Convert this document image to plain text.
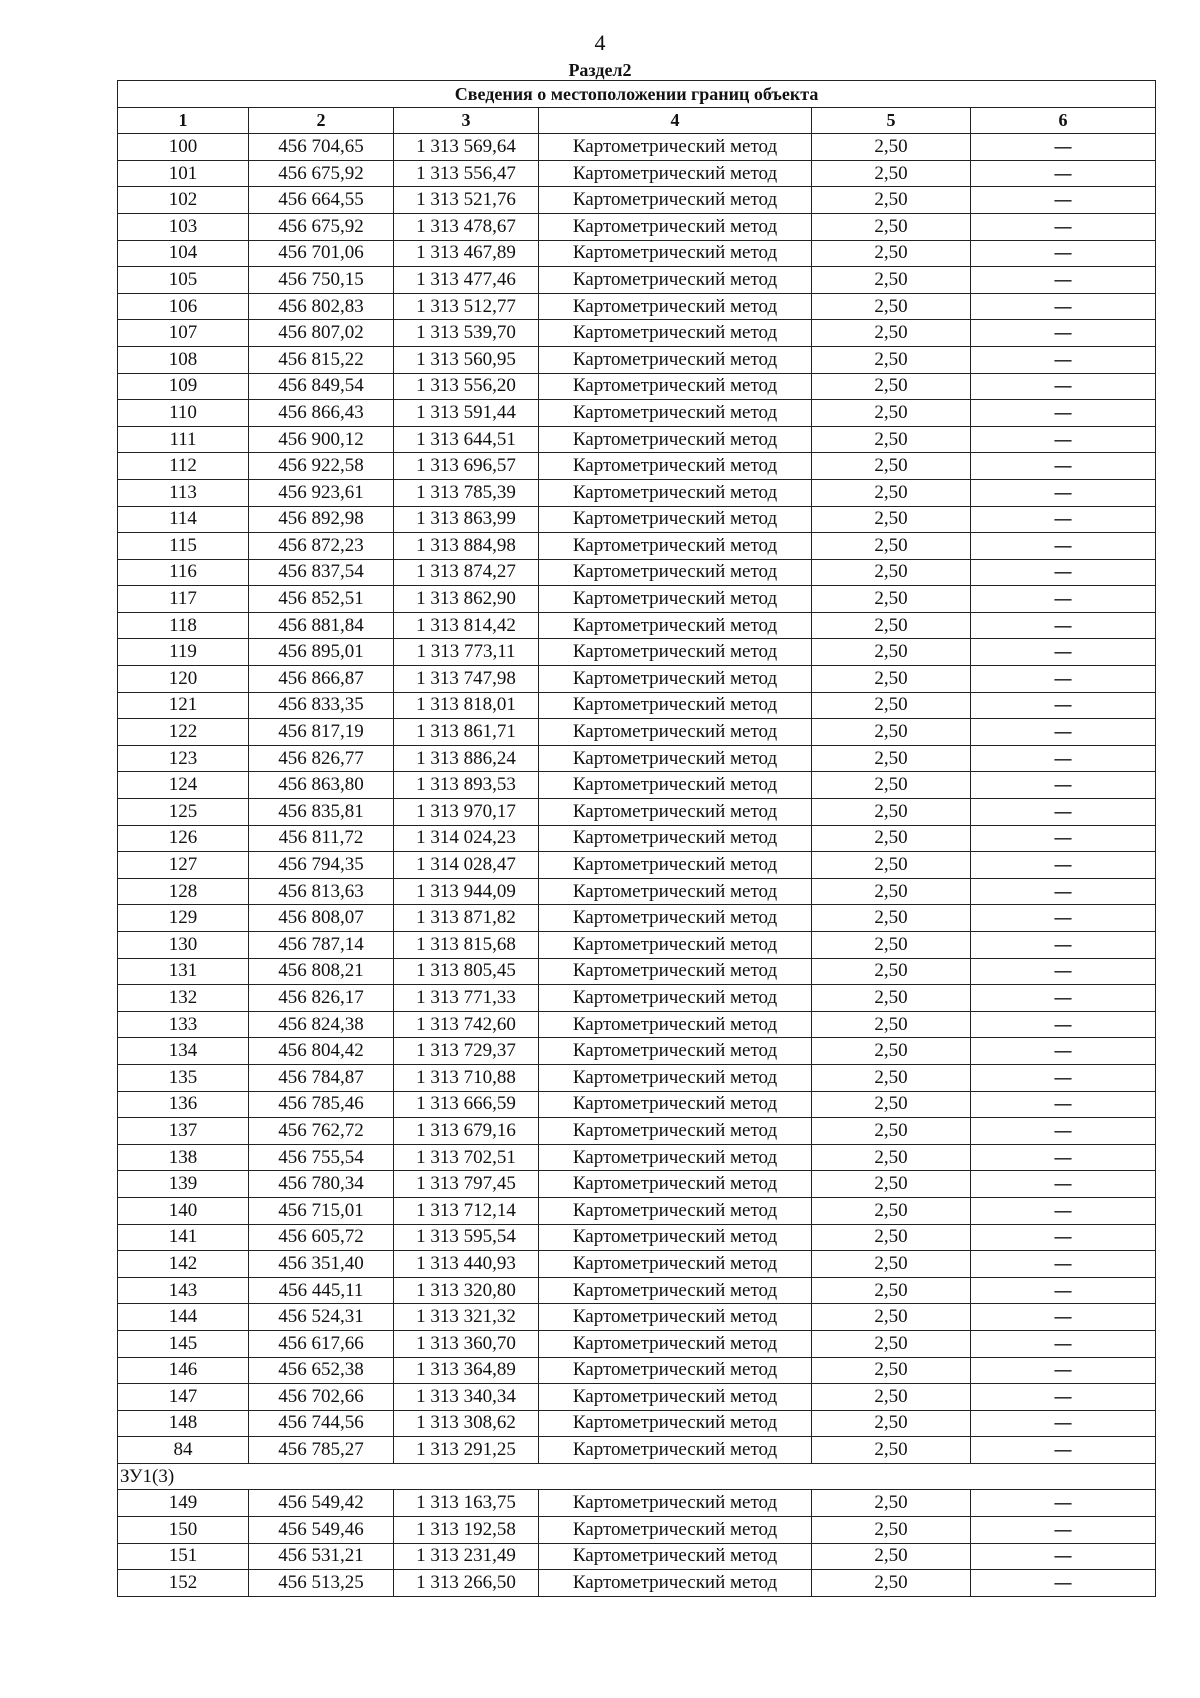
4
Раздел2
Сведения о местоположении границ объекта					
1	2	3	4	5	6
100	456 704,65	1 313 569,64	Картометрический метод	2,50	—
101	456 675,92	1 313 556,47	Картометрический метод	2,50	—
102	456 664,55	1 313 521,76	Картометрический метод	2,50	—
103	456 675,92	1 313 478,67	Картометрический метод	2,50	—
104	456 701,06	1 313 467,89	Картометрический метод	2,50	—
105	456 750,15	1 313 477,46	Картометрический метод	2,50	—
106	456 802,83	1 313 512,77	Картометрический метод	2,50	—
107	456 807,02	1 313 539,70	Картометрический метод	2,50	—
108	456 815,22	1 313 560,95	Картометрический метод	2,50	—
109	456 849,54	1 313 556,20	Картометрический метод	2,50	—
110	456 866,43	1 313 591,44	Картометрический метод	2,50	—
111	456 900,12	1 313 644,51	Картометрический метод	2,50	—
112	456 922,58	1 313 696,57	Картометрический метод	2,50	—
113	456 923,61	1 313 785,39	Картометрический метод	2,50	—
114	456 892,98	1 313 863,99	Картометрический метод	2,50	—
115	456 872,23	1 313 884,98	Картометрический метод	2,50	—
116	456 837,54	1 313 874,27	Картометрический метод	2,50	—
117	456 852,51	1 313 862,90	Картометрический метод	2,50	—
118	456 881,84	1 313 814,42	Картометрический метод	2,50	—
119	456 895,01	1 313 773,11	Картометрический метод	2,50	—
120	456 866,87	1 313 747,98	Картометрический метод	2,50	—
121	456 833,35	1 313 818,01	Картометрический метод	2,50	—
122	456 817,19	1 313 861,71	Картометрический метод	2,50	—
123	456 826,77	1 313 886,24	Картометрический метод	2,50	—
124	456 863,80	1 313 893,53	Картометрический метод	2,50	—
125	456 835,81	1 313 970,17	Картометрический метод	2,50	—
126	456 811,72	1 314 024,23	Картометрический метод	2,50	—
127	456 794,35	1 314 028,47	Картометрический метод	2,50	—
128	456 813,63	1 313 944,09	Картометрический метод	2,50	—
129	456 808,07	1 313 871,82	Картометрический метод	2,50	—
130	456 787,14	1 313 815,68	Картометрический метод	2,50	—
131	456 808,21	1 313 805,45	Картометрический метод	2,50	—
132	456 826,17	1 313 771,33	Картометрический метод	2,50	—
133	456 824,38	1 313 742,60	Картометрический метод	2,50	—
134	456 804,42	1 313 729,37	Картометрический метод	2,50	—
135	456 784,87	1 313 710,88	Картометрический метод	2,50	—
136	456 785,46	1 313 666,59	Картометрический метод	2,50	—
137	456 762,72	1 313 679,16	Картометрический метод	2,50	—
138	456 755,54	1 313 702,51	Картометрический метод	2,50	—
139	456 780,34	1 313 797,45	Картометрический метод	2,50	—
140	456 715,01	1 313 712,14	Картометрический метод	2,50	—
141	456 605,72	1 313 595,54	Картометрический метод	2,50	—
142	456 351,40	1 313 440,93	Картометрический метод	2,50	—
143	456 445,11	1 313 320,80	Картометрический метод	2,50	—
144	456 524,31	1 313 321,32	Картометрический метод	2,50	—
145	456 617,66	1 313 360,70	Картометрический метод	2,50	—
146	456 652,38	1 313 364,89	Картометрический метод	2,50	—
147	456 702,66	1 313 340,34	Картометрический метод	2,50	—
148	456 744,56	1 313 308,62	Картометрический метод	2,50	—
84	456 785,27	1 313 291,25	Картометрический метод	2,50	—
ЗУ1(3)					
149	456 549,42	1 313 163,75	Картометрический метод	2,50	—
150	456 549,46	1 313 192,58	Картометрический метод	2,50	—
151	456 531,21	1 313 231,49	Картометрический метод	2,50	—
152	456 513,25	1 313 266,50	Картометрический метод	2,50	—
